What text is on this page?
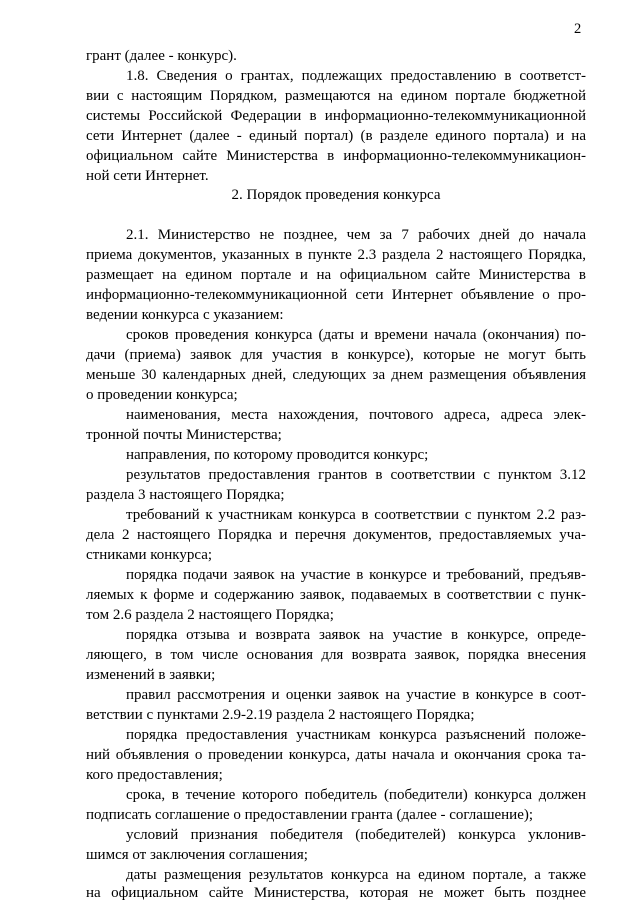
2
грант (далее - конкурс).
1.8. Сведения о грантах, подлежащих предоставлению в соответст-
вии с настоящим Порядком, размещаются на едином портале бюджетной
системы Российской Федерации в информационно-телекоммуникационной
сети Интернет (далее - единый портал) (в разделе единого портала) и на
официальном сайте Министерства в информационно-телекоммуникацион-
ной сети Интернет.
2. Порядок проведения конкурса
2.1. Министерство не позднее, чем за 7 рабочих дней до начала
приема документов, указанных в пункте 2.3 раздела 2 настоящего Порядка,
размещает на едином портале и на официальном сайте Министерства в
информационно-телекоммуникационной сети Интернет объявление о про-
ведении конкурса с указанием:
сроков проведения конкурса (даты и времени начала (окончания) по-
дачи (приема) заявок для участия в конкурсе), которые не могут быть
меньше 30 календарных дней, следующих за днем размещения объявления
о проведении конкурса;
наименования, места нахождения, почтового адреса, адреса элек-
тронной почты Министерства;
направления, по которому проводится конкурс;
результатов предоставления грантов в соответствии с пунктом 3.12
раздела 3 настоящего Порядка;
требований к участникам конкурса в соответствии с пунктом 2.2 раз-
дела 2 настоящего Порядка и перечня документов, предоставляемых уча-
стниками конкурса;
порядка подачи заявок на участие в конкурсе и требований, предъяв-
ляемых к форме и содержанию заявок, подаваемых в соответствии с пунк-
том 2.6 раздела 2 настоящего Порядка;
порядка отзыва и возврата заявок на участие в конкурсе, опреде-
ляющего, в том числе основания для возврата заявок, порядка внесения
изменений в заявки;
правил рассмотрения и оценки заявок на участие в конкурсе в соот-
ветствии с пунктами 2.9-2.19 раздела 2 настоящего Порядка;
порядка предоставления участникам конкурса разъяснений положе-
ний объявления о проведении конкурса, даты начала и окончания срока та-
кого предоставления;
срока, в течение которого победитель (победители) конкурса должен
подписать соглашение о предоставлении гранта (далее - соглашение);
условий признания победителя (победителей) конкурса уклонив-
шимся от заключения соглашения;
даты размещения результатов конкурса на едином портале, а также
на официальном сайте Министерства, которая не может быть позднее
